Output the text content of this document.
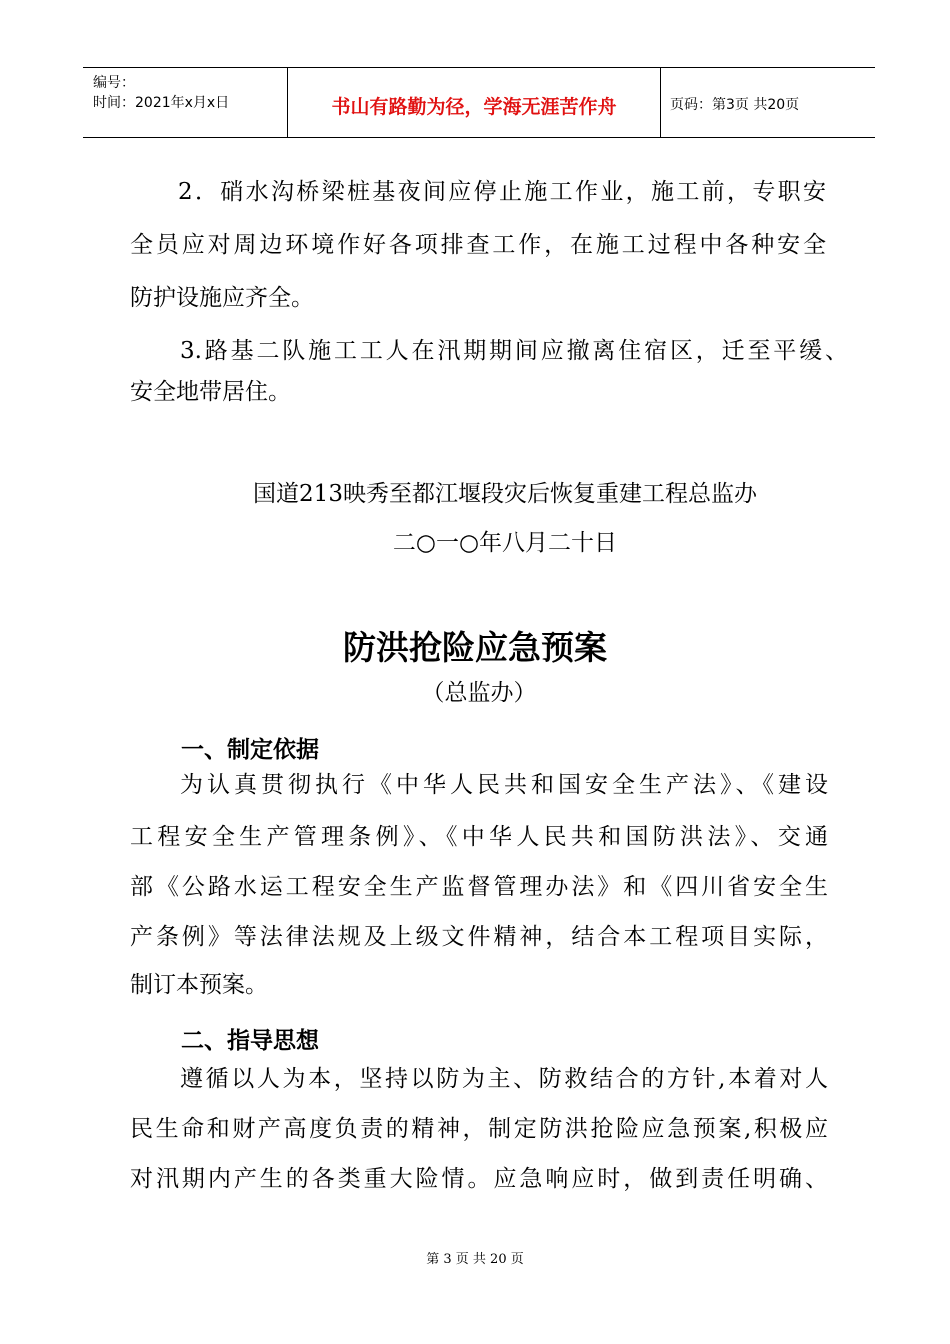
编号：
时间：2021年x月x日	书山有路勤为径，学海无涯苦作舟	页码：第3页 共20页
2．硝水沟桥梁桩基夜间应停止施工作业，施工前，专职安
全员应对周边环境作好各项排查工作，在施工过程中各种安全
防护设施应齐全。
3.路基二队施工工人在汛期期间应撤离住宿区，迁至平缓、
安全地带居住。
国道213映秀至都江堰段灾后恢复重建工程总监办
二○一○年八月二十日
防洪抢险应急预案
（总监办）
一、制定依据
为认真贯彻执行《中华人民共和国安全生产法》、《建设
工程安全生产管理条例》、《中华人民共和国防洪法》、交通
部《公路水运工程安全生产监督管理办法》和《四川省安全生
产条例》等法律法规及上级文件精神，结合本工程项目实际，
制订本预案。
二、指导思想
遵循以人为本，坚持以防为主、防救结合的方针,本着对人
民生命和财产高度负责的精神，制定防洪抢险应急预案,积极应
对汛期内产生的各类重大险情。应急响应时，做到责任明确、
第 3 页 共 20 页
